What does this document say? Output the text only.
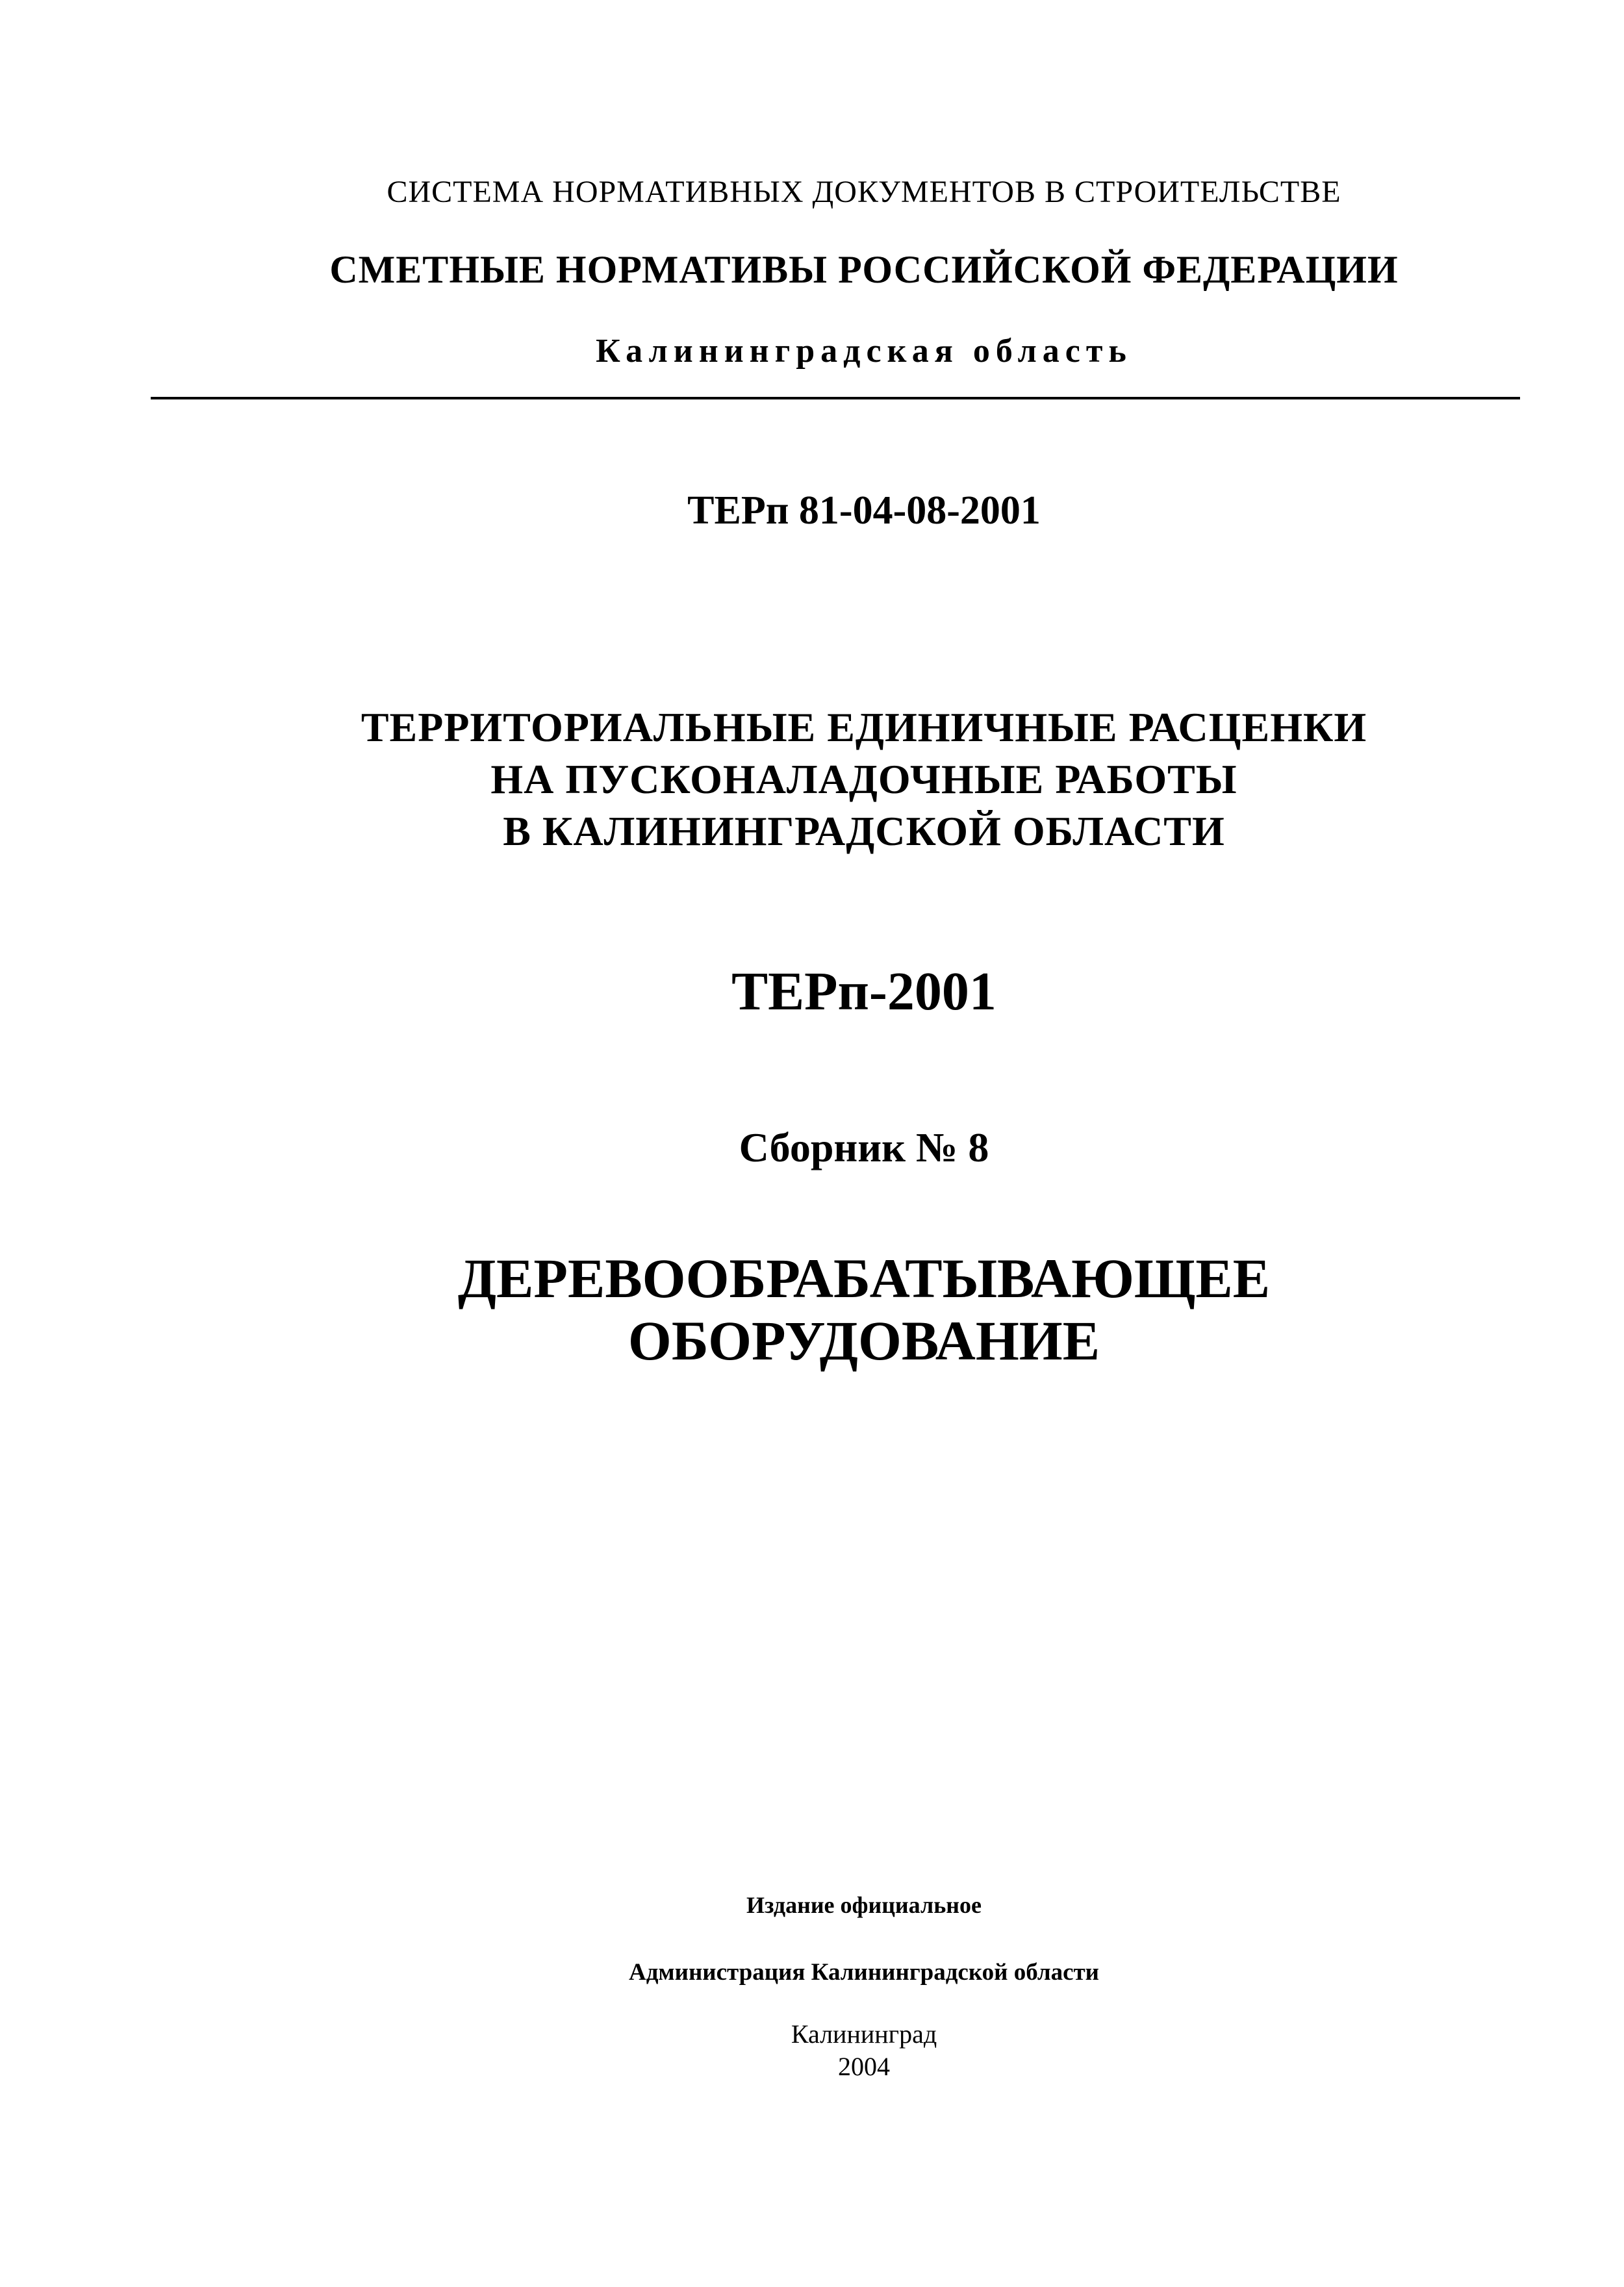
СИСТЕМА НОРМАТИВНЫХ ДОКУМЕНТОВ В СТРОИТЕЛЬСТВЕ
СМЕТНЫЕ НОРМАТИВЫ РОССИЙСКОЙ ФЕДЕРАЦИИ
Калининградская область
ТЕРп 81-04-08-2001
ТЕРРИТОРИАЛЬНЫЕ ЕДИНИЧНЫЕ РАСЦЕНКИ
НА ПУСКОНАЛАДОЧНЫЕ РАБОТЫ
В КАЛИНИНГРАДСКОЙ ОБЛАСТИ
ТЕРп-2001
Сборник № 8
ДЕРЕВООБРАБАТЫВАЮЩЕЕ
ОБОРУДОВАНИЕ
Издание официальное
Администрация Калининградской области
Калининград
2004
